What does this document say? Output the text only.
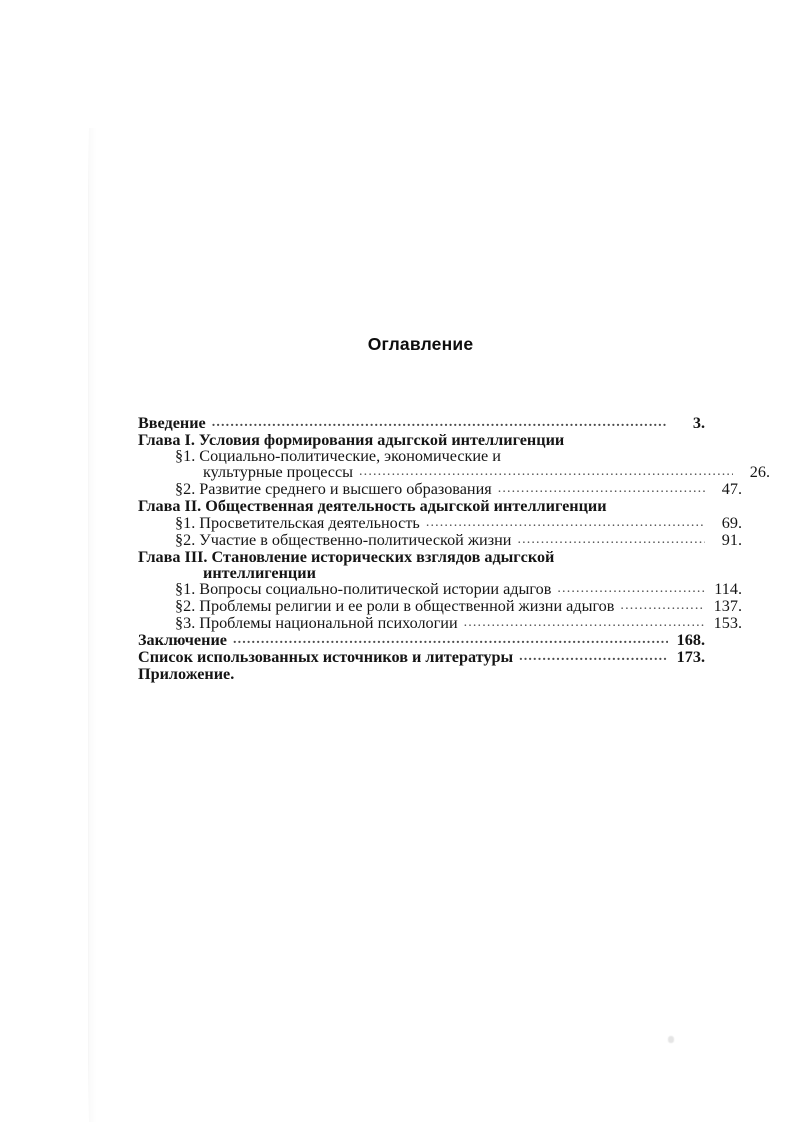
Оглавление
Введение .....	3.
Глава I. Условия формирования адыгской интеллигенции
§1. Социально-политические, экономические и
культурные процессы .....	26.
§2. Развитие среднего и высшего образования .....	47.
Глава II. Общественная деятельность адыгской интеллигенции
§1. Просветительская деятельность .....	69.
§2. Участие в общественно-политической жизни .....	91.
Глава III. Становление исторических взглядов адыгской
интеллигенции
§1. Вопросы социально-политической истории адыгов .....	114.
§2. Проблемы религии и ее роли в общественной жизни адыгов .....	137.
§3. Проблемы национальной психологии .....	153.
Заключение .....	168.
Список использованных источников и литературы .....	173.
Приложение.
